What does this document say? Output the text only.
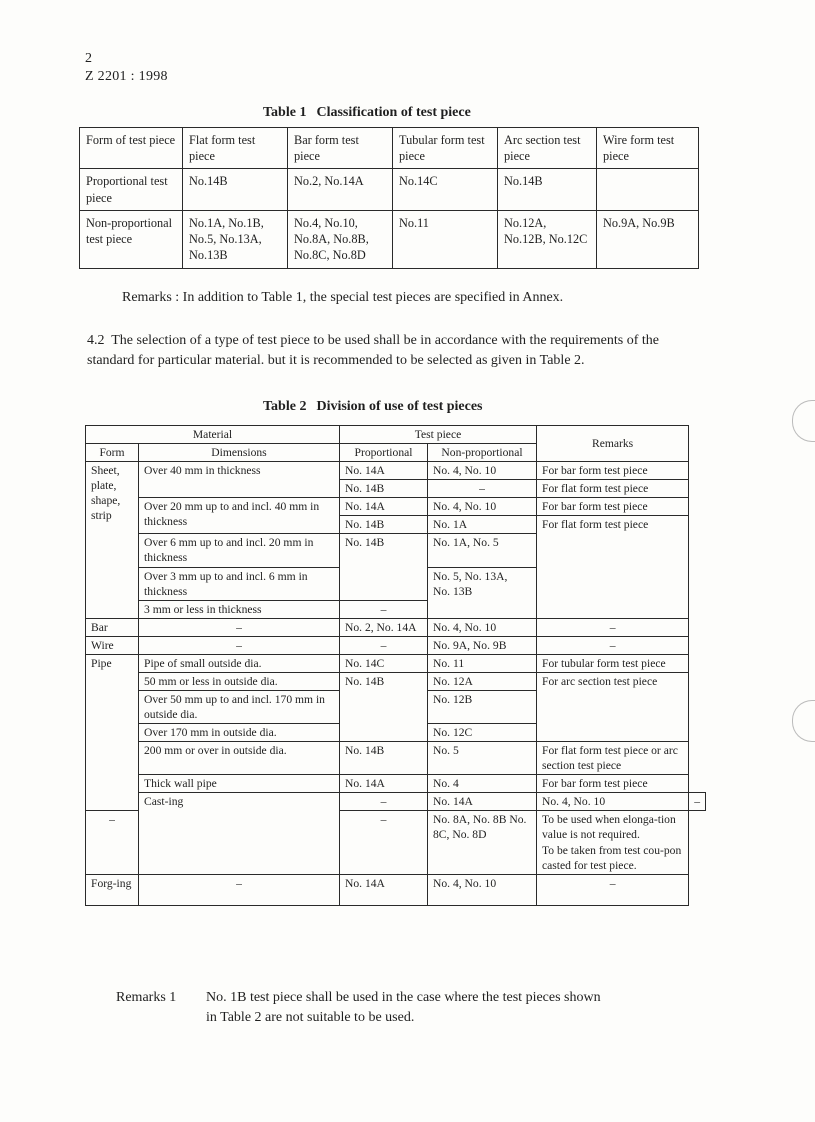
2
Z 2201 : 1998
Table 1 Classification of test piece
Form of test piece	Flat form test piece	Bar form test piece	Tubular form test piece	Arc section test piece	Wire form test piece
Proportional test piece	No.14B	No.2, No.14A	No.14C	No.14B	
Non-proportional test piece	No.1A, No.1B, No.5, No.13A, No.13B	No.4, No.10, No.8A, No.8B, No.8C, No.8D	No.11	No.12A, No.12B, No.12C	No.9A, No.9B
Remarks : In addition to Table 1, the special test pieces are specified in Annex.
4.2 The selection of a type of test piece to be used shall be in accordance with the requirements of the standard for particular material. but it is recommended to be selected as given in Table 2.
Table 2 Division of use of test pieces
Material		Test piece		Remarks	
Form	Dimensions	Proportional	Non-proportional		
Sheet, plate, shape, strip	Over 40 mm in thickness	No. 14A	No. 4, No. 10	For bar form test piece	
		No. 14B	–	For flat form test piece	
	Over 20 mm up to and incl. 40 mm in thickness	No. 14A	No. 4, No. 10	For bar form test piece	
		No. 14B	No. 1A	For flat form test piece	
	Over 6 mm up to and incl. 20 mm in thickness	No. 14B	No. 1A, No. 5		
	Over 3 mm up to and incl. 6 mm in thickness		No. 5, No. 13A,
No. 13B		
	3 mm or less in thickness	–			
Bar	–	No. 2, No. 14A	No. 4, No. 10	–	
Wire	–	–	No. 9A, No. 9B	–	
Pipe	Pipe of small outside dia.	No. 14C	No. 11	For tubular form test piece	
	50 mm or less in outside dia.	No. 14B	No. 12A	For arc section test piece	
	Over 50 mm up to and incl. 170 mm in outside dia.		No. 12B		
	Over 170 mm in outside dia.		No. 12C		
	200 mm or over in outside dia.	No. 14B	No. 5	For flat form test piece or arc section test piece	
	Thick wall pipe	No. 14A	No. 4	For bar form test piece	
	Cast-ing	–	No. 14A	No. 4, No. 10	–
–		–	No. 8A, No. 8B No. 8C, No. 8D	To be used when elonga-tion value is not required.
To be taken from test cou-pon casted for test piece.	

Forg-ing	–	No. 14A	No. 4, No. 10	–	
Remarks 1 No. 1B test piece shall be used in the case where the test pieces shown
in Table 2 are not suitable to be used.
